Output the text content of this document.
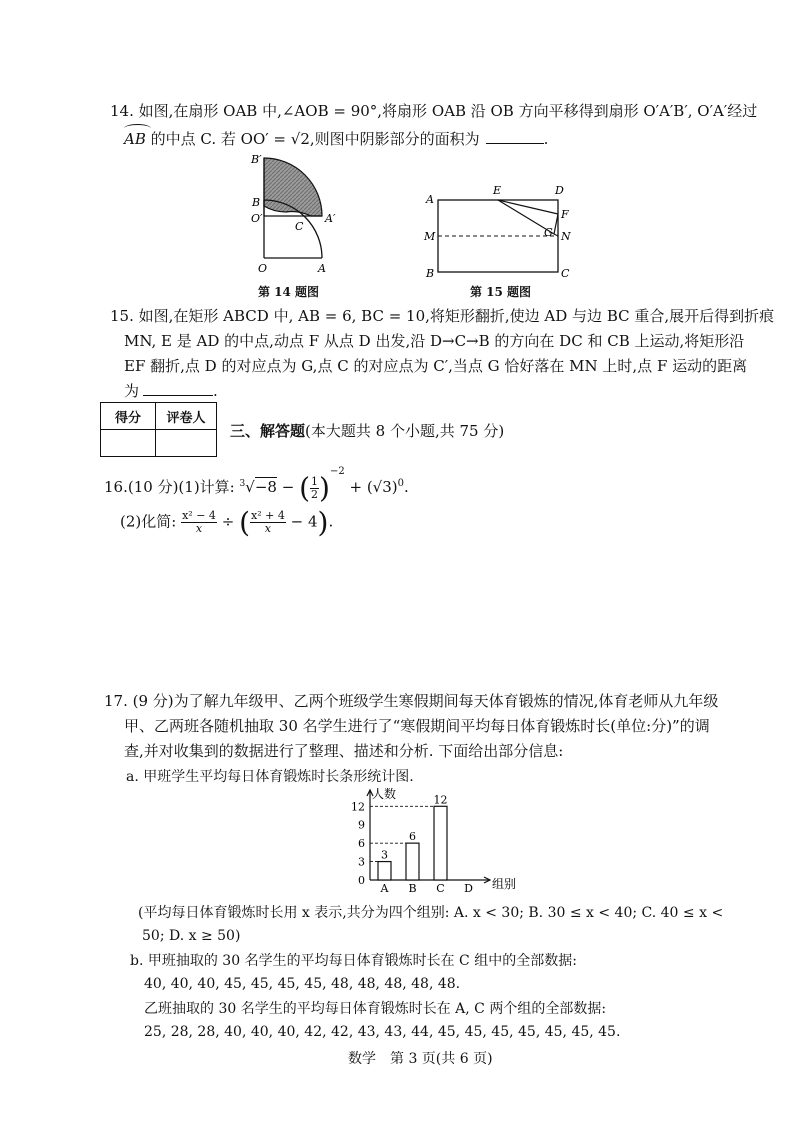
14. 如图,在扇形 OAB 中,∠AOB = 90°,将扇形 OAB 沿 OB 方向平移得到扇形 O′A′B′, O′A′经过
AB 的中点 C. 若 OO′ = √2,则图中阴影部分的面积为	.
B′
B
O′
C
A′
O	A
第 14 题图
A
E	D
F
M	G N
B	C
第 15 题图
15. 如图,在矩形 ABCD 中, AB = 6, BC = 10,将矩形翻折,使边 AD 与边 BC 重合,展开后得到折痕
MN, E 是 AD 的中点,动点 F 从点 D 出发,沿 D→C→B 的方向在 DC 和 CB 上运动,将矩形沿
EF 翻折,点 D 的对应点为 G,点 C 的对应点为 C′,当点 G 恰好落在 MN 上时,点 F 运动的距离
为	.
得分	评卷人

三、解答题(本大题共 8 个小题,共 75 分)
16.(10 分)(1)计算: $^3$√−8 − ( $\frac{1}{2} )^{-2} + (√3)^0$.
(2)化简: $\frac{\text{x² − 4}}{x}$ ÷ ( $\frac{\text{x² + 4}}{x} - 4$).
17. (9 分)为了解九年级甲、乙两个班级学生寒假期间每天体育锻炼的情况,体育老师从九年级
甲、乙两班各随机抽取 30 名学生进行了“寒假期间平均每日体育锻炼时长(单位:分)”的调
查,并对收集到的数据进行了整理、描述和分析. 下面给出部分信息:
a. 甲班学生平均每日体育锻炼时长条形统计图.
人数
组别
0
3
6
9
12
3
A
6
B
12
C D
(平均每日体育锻炼时长用 x 表示,共分为四个组别: A. x < 30; B. 30 ≤ x < 40; C. 40 ≤ x <
50; D. x ≥ 50)
b. 甲班抽取的 30 名学生的平均每日体育锻炼时长在 C 组中的全部数据:
40, 40, 40, 45, 45, 45, 45, 48, 48, 48, 48, 48.
乙班抽取的 30 名学生的平均每日体育锻炼时长在 A, C 两个组的全部数据:
25, 28, 28, 40, 40, 40, 42, 42, 43, 43, 44, 45, 45, 45, 45, 45, 45, 45.
数学　第 3 页(共 6 页)
